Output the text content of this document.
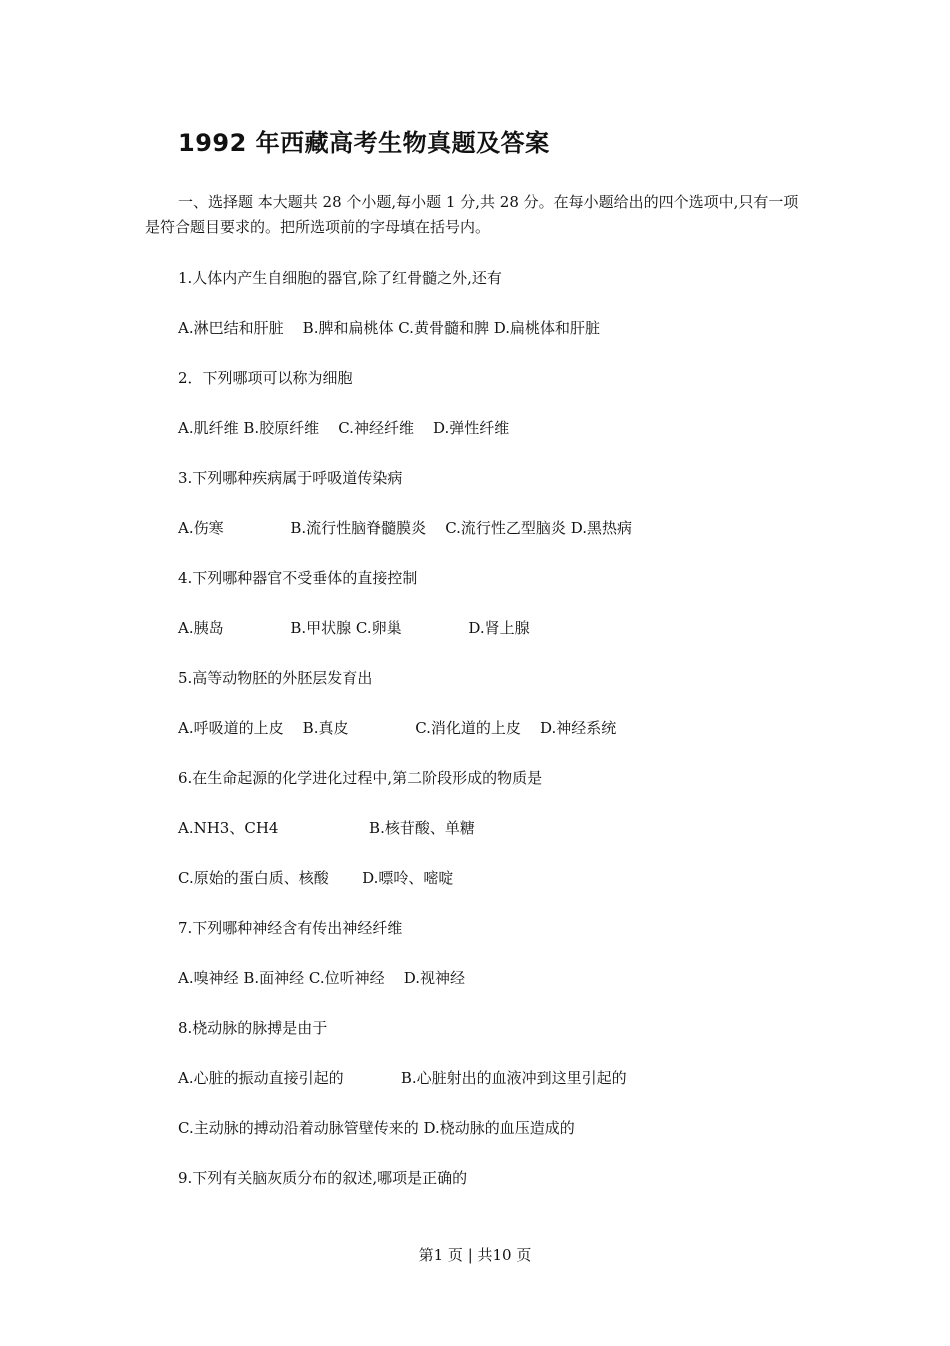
1992 年西藏高考生物真题及答案

一、选择题 本大题共 28 个小题,每小题 1 分,共 28 分。在每小题给出的四个选项中,只有一项是符合题目要求的。把所选项前的字母填在括号内。

1.人体内产生自细胞的器官,除了红骨髓之外,还有

A.淋巴结和肝脏    B.脾和扁桃体 C.黄骨髓和脾 D.扁桃体和肝脏

2．下列哪项可以称为细胞

A.肌纤维 B.胶原纤维    C.神经纤维    D.弹性纤维

3.下列哪种疾病属于呼吸道传染病

A.伤寒              B.流行性脑脊髓膜炎    C.流行性乙型脑炎 D.黑热病

4.下列哪种器官不受垂体的直接控制

A.胰岛              B.甲状腺 C.卵巢              D.肾上腺

5.高等动物胚的外胚层发育出

A.呼吸道的上皮    B.真皮              C.消化道的上皮    D.神经系统

6.在生命起源的化学进化过程中,第二阶段形成的物质是

A.NH3、CH4                   B.核苷酸、单糖

C.原始的蛋白质、核酸       D.嘌呤、嘧啶

7.下列哪种神经含有传出神经纤维

A.嗅神经 B.面神经 C.位听神经    D.视神经

8.桡动脉的脉搏是由于

A.心脏的振动直接引起的            B.心脏射出的血液冲到这里引起的

C.主动脉的搏动沿着动脉管壁传来的 D.桡动脉的血压造成的

9.下列有关脑灰质分布的叙述,哪项是正确的

第1 页 | 共10 页
